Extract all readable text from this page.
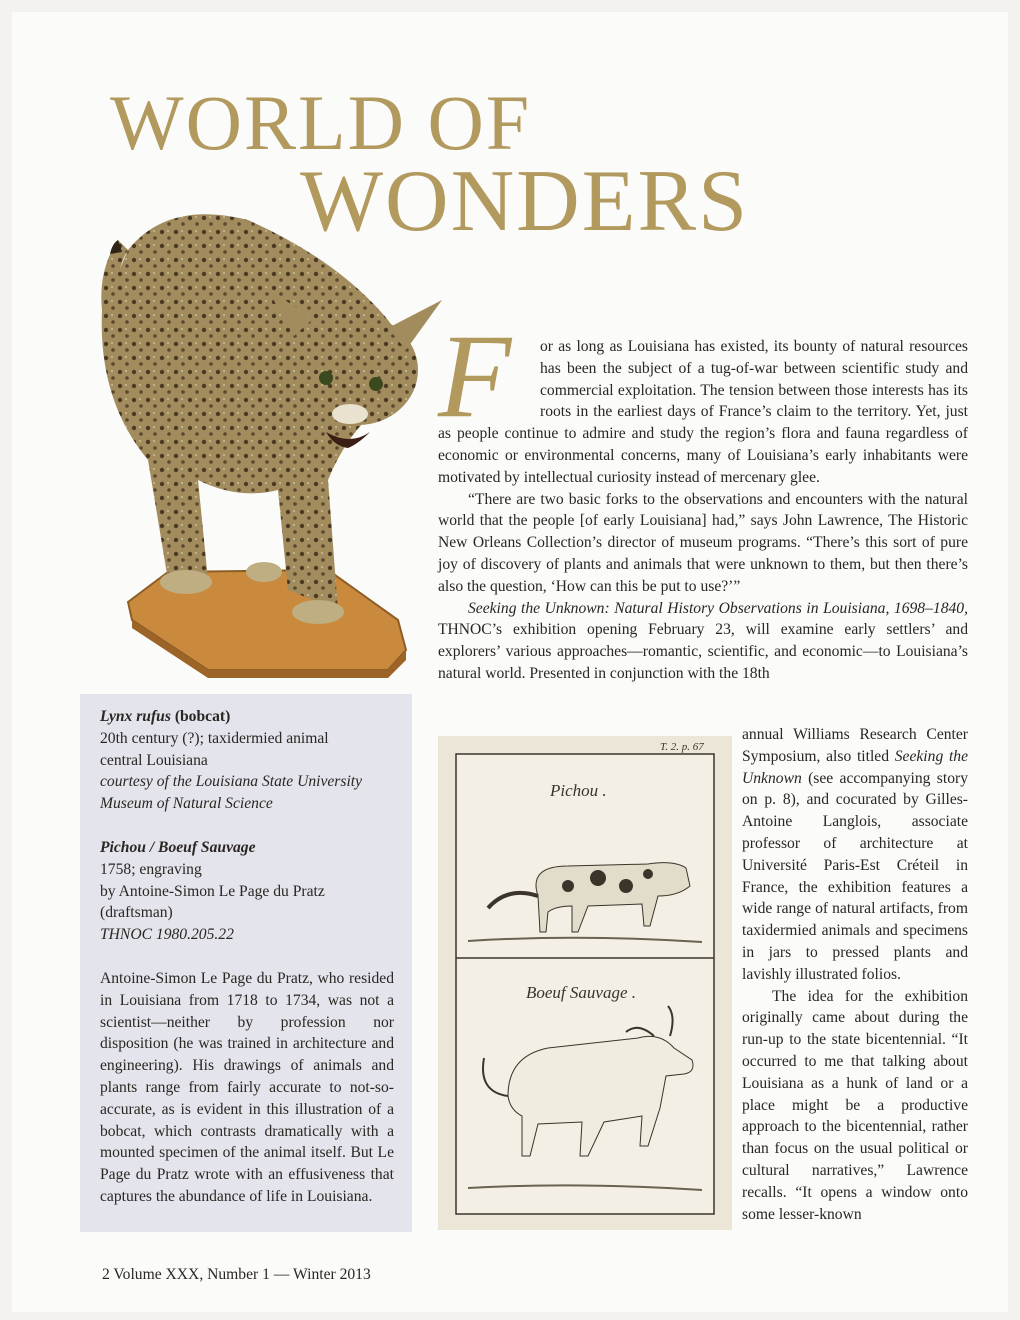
WORLD OF
WONDERS

Lynx rufus (bobcat)

20th century (?); taxidermied animal

central Louisiana

courtesy of the Louisiana State University Museum of Natural Science

Pichou / Boeuf Sauvage

1758; engraving

by Antoine-Simon Le Page du Pratz (draftsman)

THNOC 1980.205.22

Antoine-Simon Le Page du Pratz, who resided in Louisiana from 1718 to 1734, was not a scientist—neither by profession nor disposition (he was trained in architecture and engineering). His drawings of animals and plants range from fairly accurate to not-so-accurate, as is evident in this illustration of a bobcat, which contrasts dramatically with a mounted specimen of the animal itself. But Le Page du Pratz wrote with an effusiveness that captures the abundance of life in Louisiana.

F	or as long as Louisiana has existed, its bounty of natural resources has been the subject of a tug-of-war between scientific study and commercial exploitation. The tension between those interests has its roots in the earliest days of France’s claim to the territory. Yet, just as people continue to admire and study the region’s flora and fauna regardless of economic or environmental concerns, many of Louisiana’s early inhabitants were motivated by intellectual curiosity instead of mercenary glee.

“There are two basic forks to the observations and encounters with the natural world that the people [of early Louisiana] had,” says John Lawrence, The Historic New Orleans Collection’s director of museum programs. “There’s this sort of pure joy of discovery of plants and animals that were unknown to them, but then there’s also the question, ‘How can this be put to use?’”

Seeking the Unknown: Natural History Observations in Louisiana, 1698–1840, THNOC’s exhibition opening February 23, will examine early settlers’ and explorers’ various approaches—romantic, scientific, and economic—to Louisiana’s natural world. Presented in conjunction with the 18th

T. 2. p. 67
Pichou .
Boeuf Sauvage .

annual Williams Research Center Symposium, also titled Seeking the Unknown (see accompanying story on p. 8), and cocurated by Gilles-Antoine Langlois, associate professor of architecture at Université Paris-Est Créteil in France, the exhibition features a wide range of natural artifacts, from taxidermied animals and specimens in jars to pressed plants and lavishly illustrated folios.

The idea for the exhibition originally came about during the run-up to the state bicentennial. “It occurred to me that talking about Louisiana as a hunk of land or a place might be a productive approach to the bicentennial, rather than focus on the usual political or cultural narratives,” Lawrence recalls. “It opens a window onto some lesser-known

2 Volume XXX, Number 1 — Winter 2013
